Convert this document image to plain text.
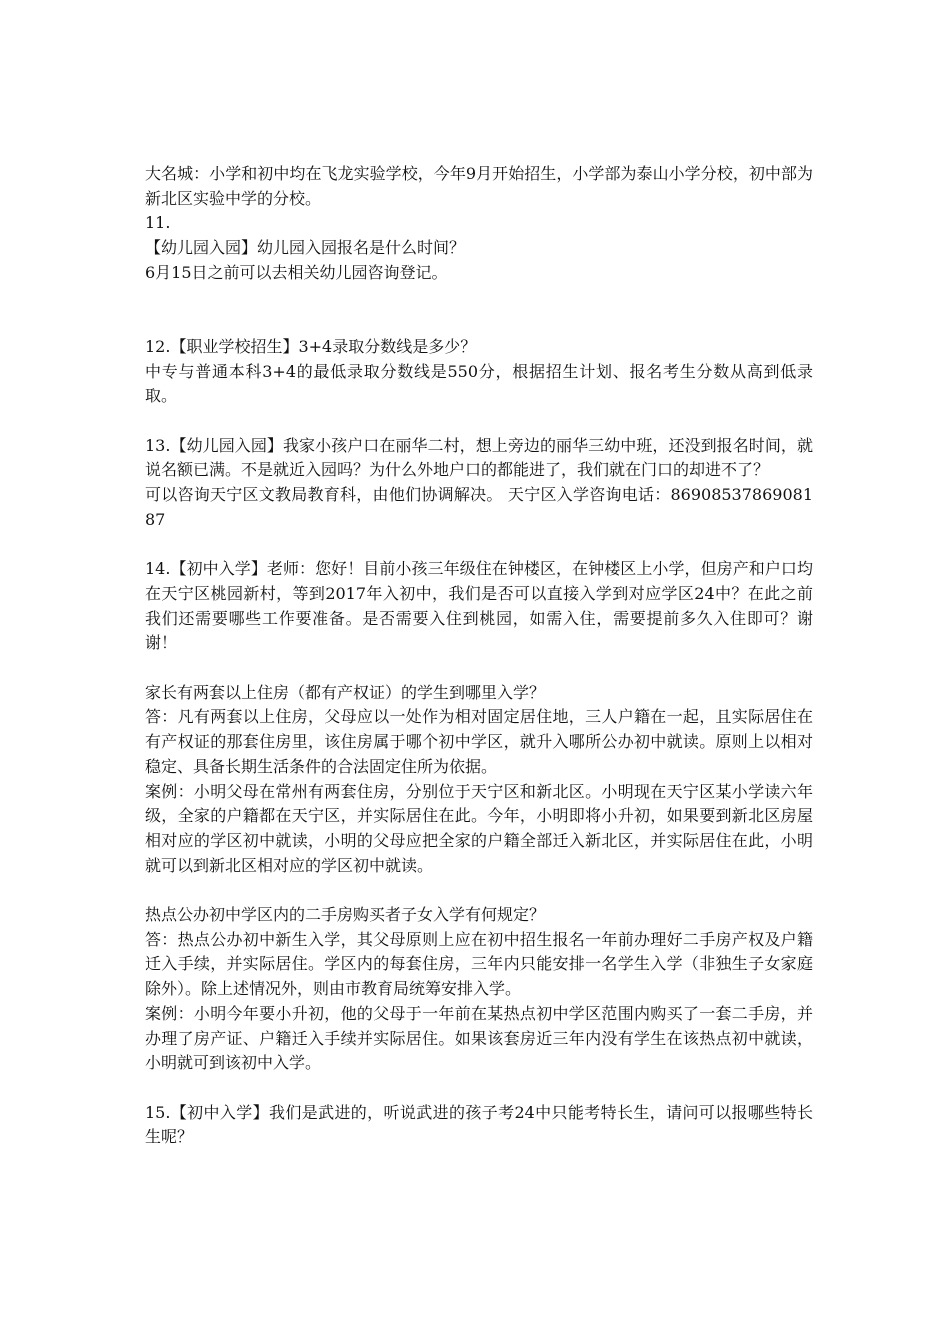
大名城：小学和初中均在飞龙实验学校，今年9月开始招生，小学部为泰山小学分校，初中部为新北区实验中学的分校。

11.

【幼儿园入园】幼儿园入园报名是什么时间？

6月15日之前可以去相关幼儿园咨询登记。

12.【职业学校招生】3+4录取分数线是多少？

中专与普通本科3+4的最低录取分数线是550分，根据招生计划、报名考生分数从高到低录取。

13.【幼儿园入园】我家小孩户口在丽华二村，想上旁边的丽华三幼中班，还没到报名时间，就说名额已满。不是就近入园吗？为什么外地户口的都能进了，我们就在门口的却进不了？

可以咨询天宁区文教局教育科，由他们协调解决。 天宁区入学咨询电话：8690853786908187

14.【初中入学】老师：您好！目前小孩三年级住在钟楼区，在钟楼区上小学，但房产和户口均在天宁区桃园新村，等到2017年入初中，我们是否可以直接入学到对应学区24中？在此之前我们还需要哪些工作要准备。是否需要入住到桃园，如需入住，需要提前多久入住即可？谢谢！

家长有两套以上住房（都有产权证）的学生到哪里入学？

答：凡有两套以上住房，父母应以一处作为相对固定居住地，三人户籍在一起，且实际居住在有产权证的那套住房里，该住房属于哪个初中学区，就升入哪所公办初中就读。原则上以相对稳定、具备长期生活条件的合法固定住所为依据。

案例：小明父母在常州有两套住房，分别位于天宁区和新北区。小明现在天宁区某小学读六年级，全家的户籍都在天宁区，并实际居住在此。今年，小明即将小升初，如果要到新北区房屋相对应的学区初中就读，小明的父母应把全家的户籍全部迁入新北区，并实际居住在此，小明就可以到新北区相对应的学区初中就读。

热点公办初中学区内的二手房购买者子女入学有何规定？

答：热点公办初中新生入学，其父母原则上应在初中招生报名一年前办理好二手房产权及户籍迁入手续，并实际居住。学区内的每套住房，三年内只能安排一名学生入学（非独生子女家庭除外）。除上述情况外，则由市教育局统筹安排入学。

案例：小明今年要小升初，他的父母于一年前在某热点初中学区范围内购买了一套二手房，并办理了房产证、户籍迁入手续并实际居住。如果该套房近三年内没有学生在该热点初中就读，小明就可到该初中入学。

15.【初中入学】我们是武进的，听说武进的孩子考24中只能考特长生，请问可以报哪些特长生呢？
